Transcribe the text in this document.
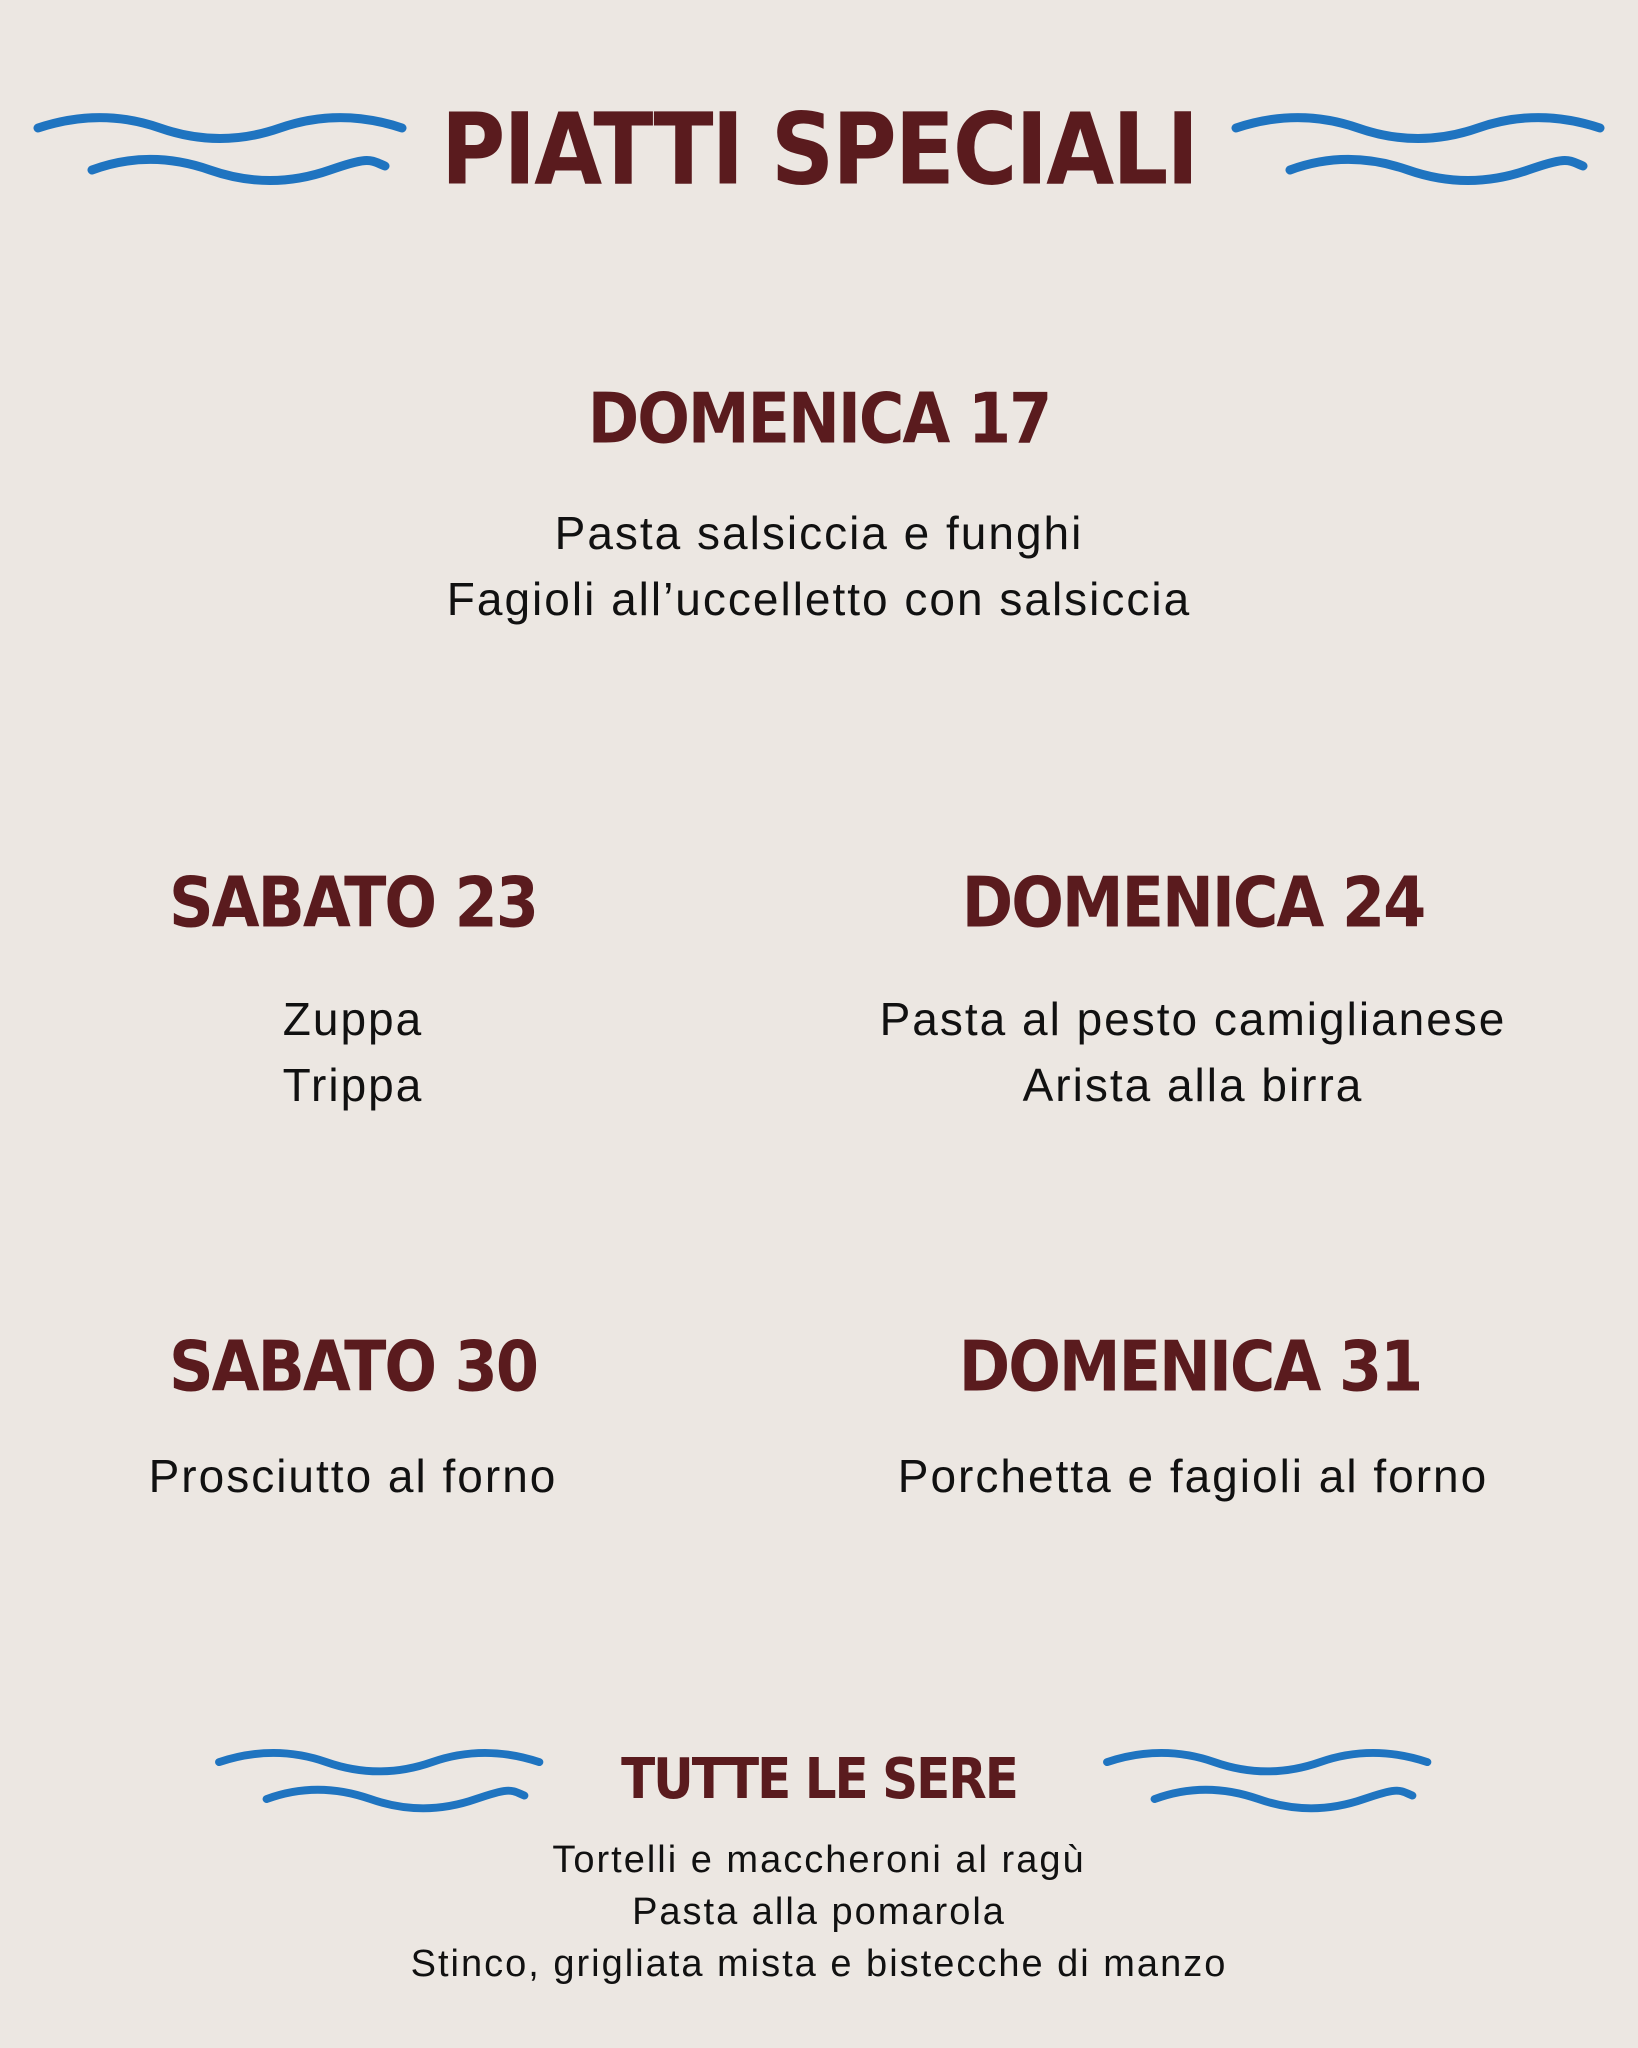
PIATTI SPECIALI
DOMENICA 17
Pasta salsiccia e funghi
Fagioli all’uccelletto con salsiccia
SABATO 23
Zuppa
Trippa
DOMENICA 24
Pasta al pesto camiglianese
Arista alla birra
SABATO 30
Prosciutto al forno
DOMENICA 31
Porchetta e fagioli al forno
TUTTE LE SERE
Tortelli e maccheroni al ragù
Pasta alla pomarola
Stinco, grigliata mista e bistecche di manzo
